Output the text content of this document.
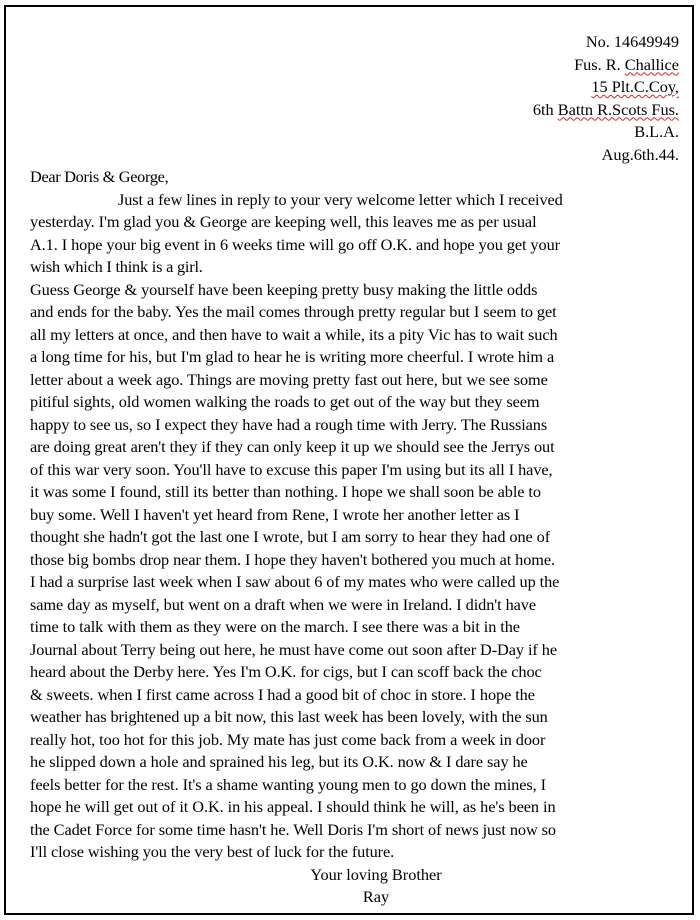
No. 14649949
Fus. R. Challice
15 Plt.C.Coy,
6th Battn R.Scots Fus.
B.L.A.
Aug.6th.44.
Dear Doris & George,
Just a few lines in reply to your very welcome letter which I received
yesterday. I'm glad you & George are keeping well, this leaves me as per usual
A.1. I hope your big event in 6 weeks time will go off O.K. and hope you get your
wish which I think is a girl.
Guess George & yourself have been keeping pretty busy making the little odds
and ends for the baby. Yes the mail comes through pretty regular but I seem to get
all my letters at once, and then have to wait a while, its a pity Vic has to wait such
a long time for his, but I'm glad to hear he is writing more cheerful. I wrote him a
letter about a week ago. Things are moving pretty fast out here, but we see some
pitiful sights, old women walking the roads to get out of the way but they seem
happy to see us, so I expect they have had a rough time with Jerry. The Russians
are doing great aren't they if they can only keep it up we should see the Jerrys out
of this war very soon. You'll have to excuse this paper I'm using but its all I have,
it was some I found, still its better than nothing. I hope we shall soon be able to
buy some. Well I haven't yet heard from Rene, I wrote her another letter as I
thought she hadn't got the last one I wrote, but I am sorry to hear they had one of
those big bombs drop near them. I hope they haven't bothered you much at home.
I had a surprise last week when I saw about 6 of my mates who were called up the
same day as myself, but went on a draft when we were in Ireland. I didn't have
time to talk with them as they were on the march. I see there was a bit in the
Journal about Terry being out here, he must have come out soon after D-Day if he
heard about the Derby here. Yes I'm O.K. for cigs, but I can scoff back the choc
& sweets. when I first came across I had a good bit of choc in store. I hope the
weather has brightened up a bit now, this last week has been lovely, with the sun
really hot, too hot for this job. My mate has just come back from a week in door
he slipped down a hole and sprained his leg, but its O.K. now & I dare say he
feels better for the rest. It's a shame wanting young men to go down the mines, I
hope he will get out of it O.K. in his appeal. I should think he will, as he's been in
the Cadet Force for some time hasn't he. Well Doris I'm short of news just now so
I'll close wishing you the very best of luck for the future.
Your loving Brother
Ray
